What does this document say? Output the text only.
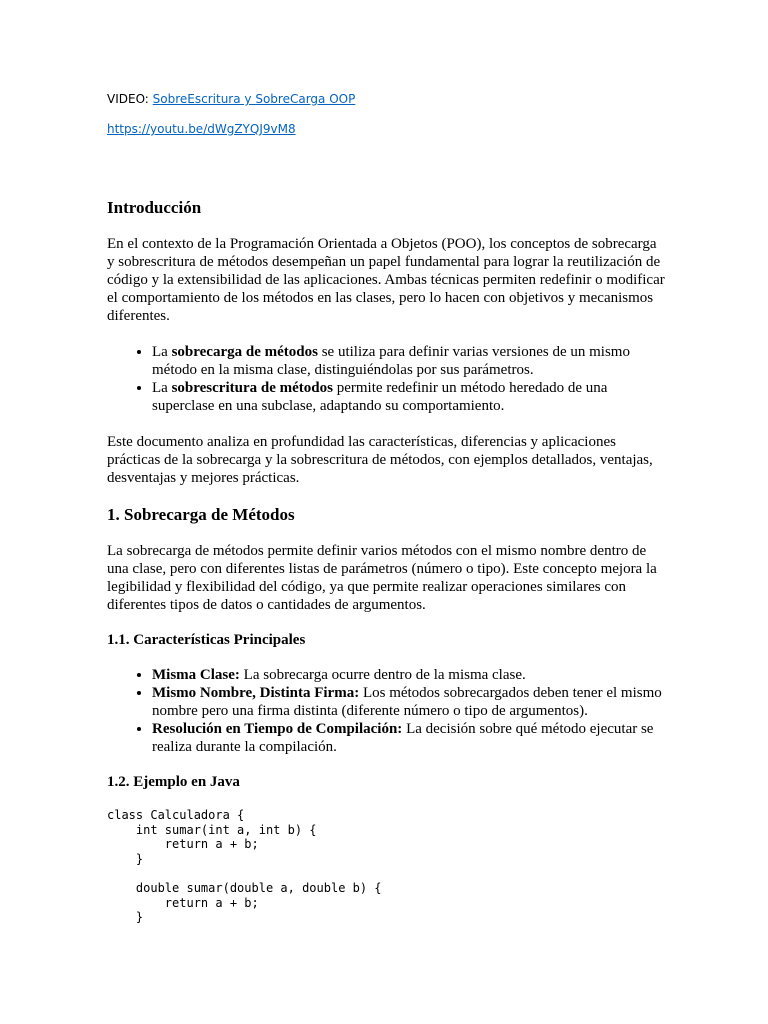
VIDEO: SobreEscritura y SobreCarga OOP

https://youtu.be/dWgZYQJ9vM8

Introducción

En el contexto de la Programación Orientada a Objetos (POO), los conceptos de sobrecarga y sobrescritura de métodos desempeñan un papel fundamental para lograr la reutilización de código y la extensibilidad de las aplicaciones. Ambas técnicas permiten redefinir o modificar el comportamiento de los métodos en las clases, pero lo hacen con objetivos y mecanismos diferentes.

• La sobrecarga de métodos se utiliza para definir varias versiones de un mismo método en la misma clase, distinguiéndolas por sus parámetros.
• La sobrescritura de métodos permite redefinir un método heredado de una superclase en una subclase, adaptando su comportamiento.

Este documento analiza en profundidad las características, diferencias y aplicaciones prácticas de la sobrecarga y la sobrescritura de métodos, con ejemplos detallados, ventajas, desventajas y mejores prácticas.

1. Sobrecarga de Métodos

La sobrecarga de métodos permite definir varios métodos con el mismo nombre dentro de una clase, pero con diferentes listas de parámetros (número o tipo). Este concepto mejora la legibilidad y flexibilidad del código, ya que permite realizar operaciones similares con diferentes tipos de datos o cantidades de argumentos.

1.1. Características Principales
• Misma Clase: La sobrecarga ocurre dentro de la misma clase.
• Mismo Nombre, Distinta Firma: Los métodos sobrecargados deben tener el mismo nombre pero una firma distinta (diferente número o tipo de argumentos).
• Resolución en Tiempo de Compilación: La decisión sobre qué método ejecutar se realiza durante la compilación.
1.2. Ejemplo en Java
class Calculadora {
int sumar(int a, int b) {
return a + b;
}

double sumar(double a, double b) {
return a + b;
}
